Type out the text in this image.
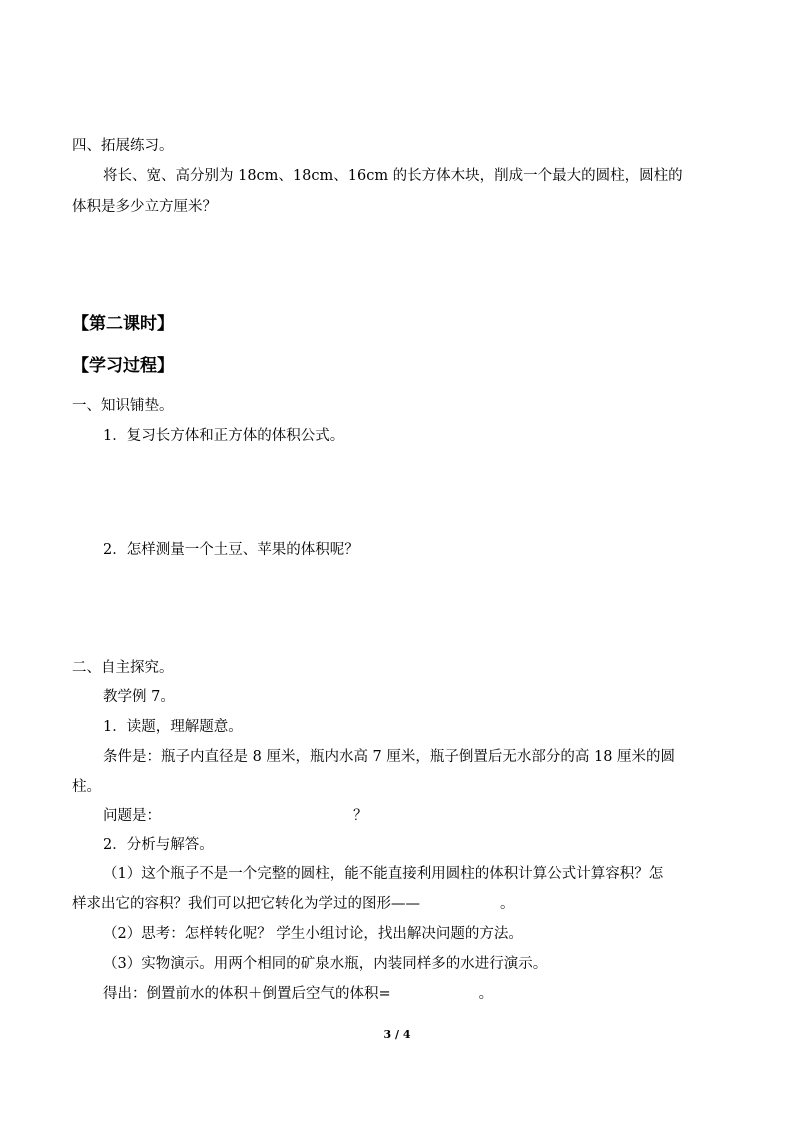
四、拓展练习。
将长、宽、高分别为 18cm、18cm、16cm 的长方体木块，削成一个最大的圆柱，圆柱的
体积是多少立方厘米？
【第二课时】
【学习过程】
一、知识铺垫。
1．复习长方体和正方体的体积公式。
2．怎样测量一个土豆、苹果的体积呢？
二、自主探究。
教学例 7。
1．读题，理解题意。
条件是：瓶子内直径是 8 厘米，瓶内水高 7 厘米，瓶子倒置后无水部分的高 18 厘米的圆
柱。
问题是：	？
2．分析与解答。
（1）这个瓶子不是一个完整的圆柱，能不能直接利用圆柱的体积计算公式计算容积？怎
样求出它的容积？我们可以把它转化为学过的图形——	。
（2）思考：怎样转化呢？ 学生小组讨论，找出解决问题的方法。
（3）实物演示。用两个相同的矿泉水瓶，内装同样多的水进行演示。
得出：倒置前水的体积＋倒置后空气的体积=	。
3 / 4
